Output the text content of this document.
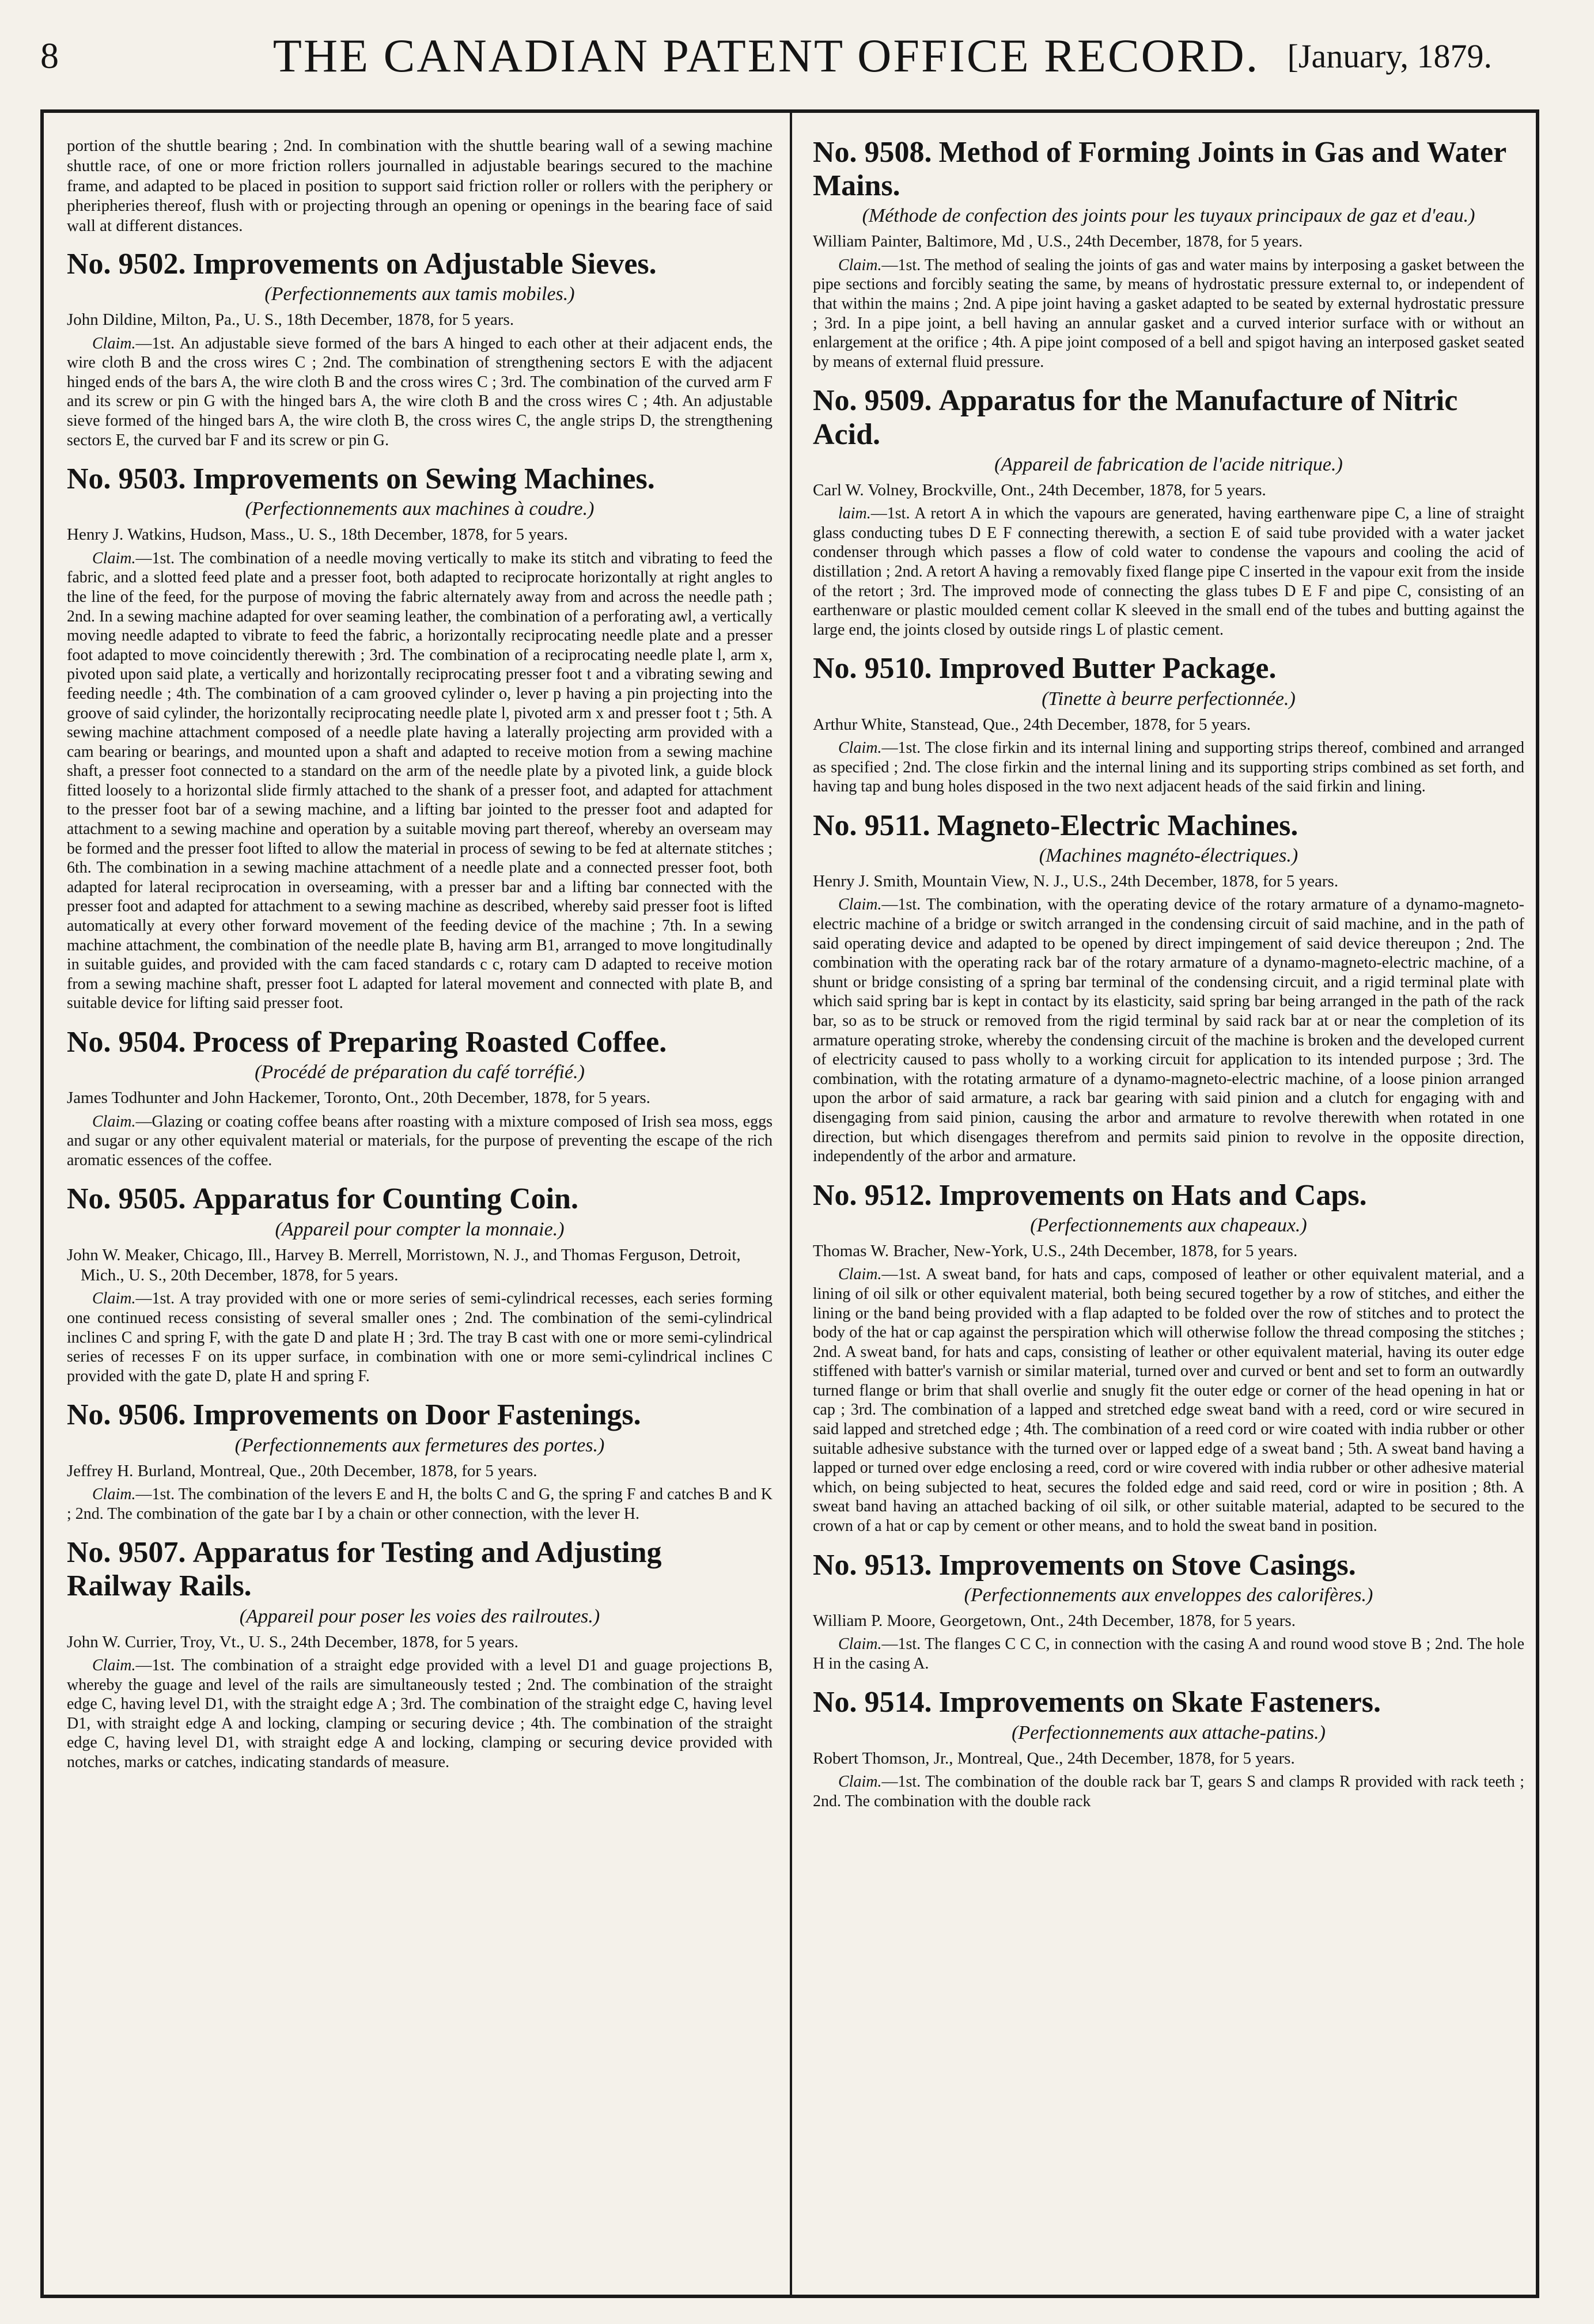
8	THE CANADIAN PATENT OFFICE RECORD. [January, 1879.

portion of the shuttle bearing ; 2nd. In combination with the shuttle bearing wall of a sewing machine shuttle race, of one or more friction rollers journalled in adjustable bearings secured to the machine frame, and adapted to be placed in position to support said friction roller or rollers with the periphery or pheripheries thereof, flush with or projecting through an opening or openings in the bearing face of said wall at different distances.

No. 9502. Improvements on Adjustable Sieves.

(Perfectionnements aux tamis mobiles.)

John Dildine, Milton, Pa., U. S., 18th December, 1878, for 5 years.

Claim.—1st. An adjustable sieve formed of the bars A hinged to each other at their adjacent ends, the wire cloth B and the cross wires C ; 2nd. The combination of strengthening sectors E with the adjacent hinged ends of the bars A, the wire cloth B and the cross wires C ; 3rd. The combination of the curved arm F and its screw or pin G with the hinged bars A, the wire cloth B and the cross wires C ; 4th. An adjustable sieve formed of the hinged bars A, the wire cloth B, the cross wires C, the angle strips D, the strengthening sectors E, the curved bar F and its screw or pin G.

No. 9503. Improvements on Sewing Machines.

(Perfectionnements aux machines à coudre.)

Henry J. Watkins, Hudson, Mass., U. S., 18th December, 1878, for 5 years.

Claim.—1st. The combination of a needle moving vertically to make its stitch and vibrating to feed the fabric, and a slotted feed plate and a presser foot, both adapted to reciprocate horizontally at right angles to the line of the feed, for the purpose of moving the fabric alternately away from and across the needle path ; 2nd. In a sewing machine adapted for over seaming leather, the combination of a perforating awl, a vertically moving needle adapted to vibrate to feed the fabric, a horizontally reciprocating needle plate and a presser foot adapted to move coincidently therewith ; 3rd. The combination of a reciprocating needle plate l, arm x, pivoted upon said plate, a vertically and horizontally reciprocating presser foot t and a vibrating sewing and feeding needle ; 4th. The combination of a cam grooved cylinder o, lever p having a pin projecting into the groove of said cylinder, the horizontally reciprocating needle plate l, pivoted arm x and presser foot t ; 5th. A sewing machine attachment composed of a needle plate having a laterally projecting arm provided with a cam bearing or bearings, and mounted upon a shaft and adapted to receive motion from a sewing machine shaft, a presser foot connected to a standard on the arm of the needle plate by a pivoted link, a guide block fitted loosely to a horizontal slide firmly attached to the shank of a presser foot, and adapted for attachment to the presser foot bar of a sewing machine, and a lifting bar jointed to the presser foot and adapted for attachment to a sewing machine and operation by a suitable moving part thereof, whereby an overseam may be formed and the presser foot lifted to allow the material in process of sewing to be fed at alternate stitches ; 6th. The combination in a sewing machine attachment of a needle plate and a connected presser foot, both adapted for lateral reciprocation in overseaming, with a presser bar and a lifting bar connected with the presser foot and adapted for attachment to a sewing machine as described, whereby said presser foot is lifted automatically at every other forward movement of the feeding device of the machine ; 7th. In a sewing machine attachment, the combination of the needle plate B, having arm B1, arranged to move longitudinally in suitable guides, and provided with the cam faced standards c c, rotary cam D adapted to receive motion from a sewing machine shaft, presser foot L adapted for lateral movement and connected with plate B, and suitable device for lifting said presser foot.

No. 9504. Process of Preparing Roasted Coffee.

(Procédé de préparation du café torréfié.)

James Todhunter and John Hackemer, Toronto, Ont., 20th December, 1878, for 5 years.

Claim.—Glazing or coating coffee beans after roasting with a mixture composed of Irish sea moss, eggs and sugar or any other equivalent material or materials, for the purpose of preventing the escape of the rich aromatic essences of the coffee.

No. 9505. Apparatus for Counting Coin.

(Appareil pour compter la monnaie.)

John W. Meaker, Chicago, Ill., Harvey B. Merrell, Morristown, N. J., and Thomas Ferguson, Detroit, Mich., U. S., 20th December, 1878, for 5 years.

Claim.—1st. A tray provided with one or more series of semi-cylindrical recesses, each series forming one continued recess consisting of several smaller ones ; 2nd. The combination of the semi-cylindrical inclines C and spring F, with the gate D and plate H ; 3rd. The tray B cast with one or more semi-cylindrical series of recesses F on its upper surface, in combination with one or more semi-cylindrical inclines C provided with the gate D, plate H and spring F.

No. 9506. Improvements on Door Fastenings.

(Perfectionnements aux fermetures des portes.)

Jeffrey H. Burland, Montreal, Que., 20th December, 1878, for 5 years.

Claim.—1st. The combination of the levers E and H, the bolts C and G, the spring F and catches B and K ; 2nd. The combination of the gate bar I by a chain or other connection, with the lever H.

No. 9507. Apparatus for Testing and Adjusting Railway Rails.

(Appareil pour poser les voies des railroutes.)

John W. Currier, Troy, Vt., U. S., 24th December, 1878, for 5 years.

Claim.—1st. The combination of a straight edge provided with a level D1 and guage projections B, whereby the guage and level of the rails are simultaneously tested ; 2nd. The combination of the straight edge C, having level D1, with the straight edge A ; 3rd. The combination of the straight edge C, having level D1, with straight edge A and locking, clamping or securing device ; 4th. The combination of the straight edge C, having level D1, with straight edge A and locking, clamping or securing device provided with notches, marks or catches, indicating standards of measure.

No. 9508. Method of Forming Joints in Gas and Water Mains.

(Méthode de confection des joints pour les tuyaux principaux de gaz et d'eau.)

William Painter, Baltimore, Md , U.S., 24th December, 1878, for 5 years.

Claim.—1st. The method of sealing the joints of gas and water mains by interposing a gasket between the pipe sections and forcibly seating the same, by means of hydrostatic pressure external to, or independent of that within the mains ; 2nd. A pipe joint having a gasket adapted to be seated by external hydrostatic pressure ; 3rd. In a pipe joint, a bell having an annular gasket and a curved interior surface with or without an enlargement at the orifice ; 4th. A pipe joint composed of a bell and spigot having an interposed gasket seated by means of external fluid pressure.

No. 9509. Apparatus for the Manufacture of Nitric Acid.

(Appareil de fabrication de l'acide nitrique.)

Carl W. Volney, Brockville, Ont., 24th December, 1878, for 5 years.

laim.—1st. A retort A in which the vapours are generated, having earthenware pipe C, a line of straight glass conducting tubes D E F connecting therewith, a section E of said tube provided with a water jacket condenser through which passes a flow of cold water to condense the vapours and cooling the acid of distillation ; 2nd. A retort A having a removably fixed flange pipe C inserted in the vapour exit from the inside of the retort ; 3rd. The improved mode of connecting the glass tubes D E F and pipe C, consisting of an earthenware or plastic moulded cement collar K sleeved in the small end of the tubes and butting against the large end, the joints closed by outside rings L of plastic cement.

No. 9510. Improved Butter Package.

(Tinette à beurre perfectionnée.)

Arthur White, Stanstead, Que., 24th December, 1878, for 5 years.

Claim.—1st. The close firkin and its internal lining and supporting strips thereof, combined and arranged as specified ; 2nd. The close firkin and the internal lining and its supporting strips combined as set forth, and having tap and bung holes disposed in the two next adjacent heads of the said firkin and lining.

No. 9511. Magneto-Electric Machines.

(Machines magnéto-électriques.)

Henry J. Smith, Mountain View, N. J., U.S., 24th December, 1878, for 5 years.

Claim.—1st. The combination, with the operating device of the rotary armature of a dynamo-magneto-electric machine of a bridge or switch arranged in the condensing circuit of said machine, and in the path of said operating device and adapted to be opened by direct impingement of said device thereupon ; 2nd. The combination with the operating rack bar of the rotary armature of a dynamo-magneto-electric machine, of a shunt or bridge consisting of a spring bar terminal of the condensing circuit, and a rigid terminal plate with which said spring bar is kept in contact by its elasticity, said spring bar being arranged in the path of the rack bar, so as to be struck or removed from the rigid terminal by said rack bar at or near the completion of its armature operating stroke, whereby the condensing circuit of the machine is broken and the developed current of electricity caused to pass wholly to a working circuit for application to its intended purpose ; 3rd. The combination, with the rotating armature of a dynamo-magneto-electric machine, of a loose pinion arranged upon the arbor of said armature, a rack bar gearing with said pinion and a clutch for engaging with and disengaging from said pinion, causing the arbor and armature to revolve therewith when rotated in one direction, but which disengages therefrom and permits said pinion to revolve in the opposite direction, independently of the arbor and armature.

No. 9512. Improvements on Hats and Caps.

(Perfectionnements aux chapeaux.)

Thomas W. Bracher, New-York, U.S., 24th December, 1878, for 5 years.

Claim.—1st. A sweat band, for hats and caps, composed of leather or other equivalent material, and a lining of oil silk or other equivalent material, both being secured together by a row of stitches, and either the lining or the band being provided with a flap adapted to be folded over the row of stitches and to protect the body of the hat or cap against the perspiration which will otherwise follow the thread composing the stitches ; 2nd. A sweat band, for hats and caps, consisting of leather or other equivalent material, having its outer edge stiffened with batter's varnish or similar material, turned over and curved or bent and set to form an outwardly turned flange or brim that shall overlie and snugly fit the outer edge or corner of the head opening in hat or cap ; 3rd. The combination of a lapped and stretched edge sweat band with a reed, cord or wire secured in said lapped and stretched edge ; 4th. The combination of a reed cord or wire coated with india rubber or other suitable adhesive substance with the turned over or lapped edge of a sweat band ; 5th. A sweat band having a lapped or turned over edge enclosing a reed, cord or wire covered with india rubber or other adhesive material which, on being subjected to heat, secures the folded edge and said reed, cord or wire in position ; 8th. A sweat band having an attached backing of oil silk, or other suitable material, adapted to be secured to the crown of a hat or cap by cement or other means, and to hold the sweat band in position.

No. 9513. Improvements on Stove Casings.

(Perfectionnements aux enveloppes des calorifères.)

William P. Moore, Georgetown, Ont., 24th December, 1878, for 5 years.

Claim.—1st. The flanges C C C, in connection with the casing A and round wood stove B ; 2nd. The hole H in the casing A.

No. 9514. Improvements on Skate Fasteners.

(Perfectionnements aux attache-patins.)

Robert Thomson, Jr., Montreal, Que., 24th December, 1878, for 5 years.

Claim.—1st. The combination of the double rack bar T, gears S and clamps R provided with rack teeth ; 2nd. The combination with the double rack
